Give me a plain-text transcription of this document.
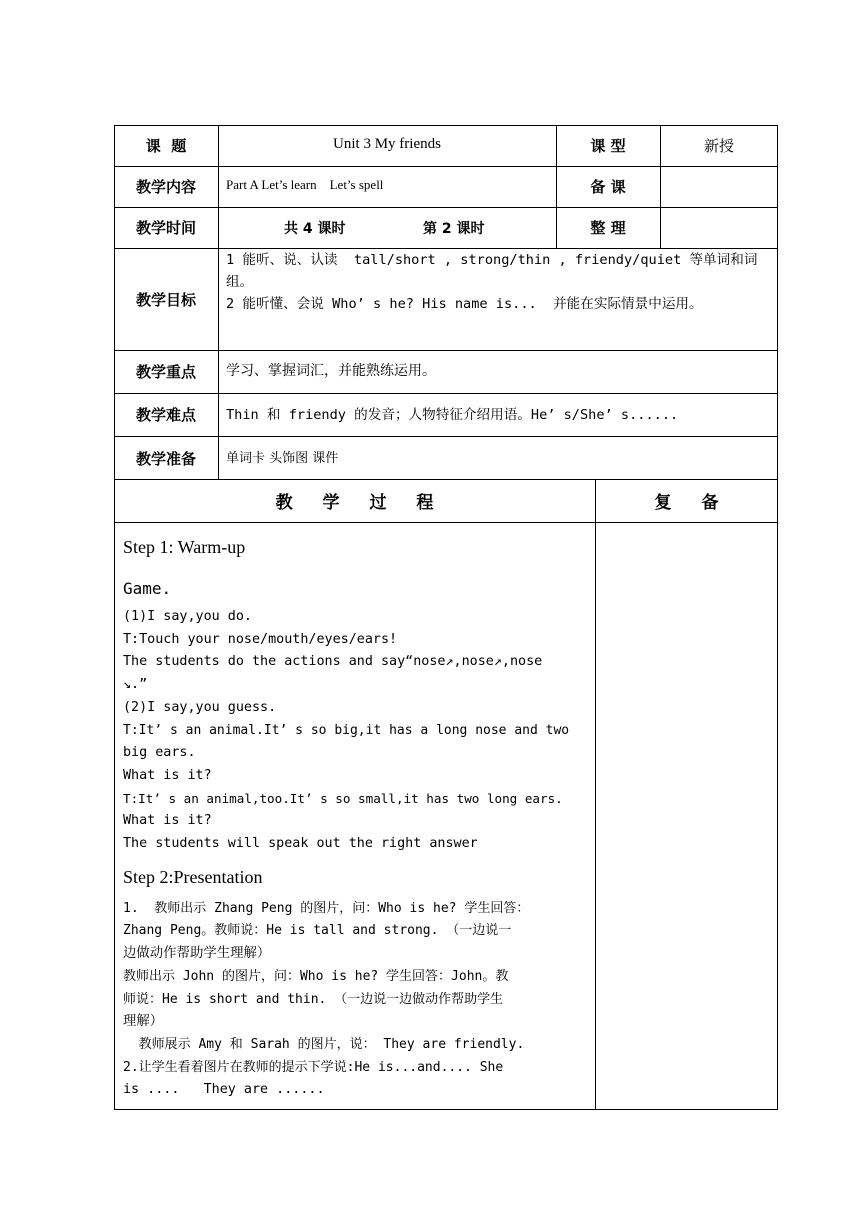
课  题	Unit 3 My friends	课 型	新授
教学内容 Part A Let’s learn    Let’s spell	备 课
教学时间	共 4 课时	第 2 课时	整 理
教学目标
1 能听、说、认读  tall/short , strong/thin , friendy/quiet 等单词和词组。
2 能听懂、会说 Who’ s he? His name is...  并能在实际情景中运用。
教学重点 学习、掌握词汇，并能熟练运用。
教学难点 Thin 和 friendy 的发音；人物特征介绍用语。He’ s/She’ s......
教学准备 单词卡 头饰图 课件
教 学 过 程	复 备
Step 1: Warm-up
Game.
(1)I say,you do.
T:Touch your nose/mouth/eyes/ears!
The students do the actions and say“nose↗,nose↗,nose
↘.”
(2)I say,you guess.
T:It’ s an animal.It’ s so big,it has a long nose and two
big ears.
What is it?
T:It’ s an animal,too.It’ s so small,it has two long ears.
What is it?
The students will speak out the right answer
Step 2:Presentation
1.  教师出示 Zhang Peng 的图片，问：Who is he? 学生回答：
Zhang Peng。教师说：He is tall and strong. （一边说一
边做动作帮助学生理解）
教师出示 John 的图片，问：Who is he? 学生回答：John。教
师说：He is short and thin. （一边说一边做动作帮助学生
理解）
教师展示 Amy 和 Sarah 的图片，说： They are friendly.
2.让学生看着图片在教师的提示下学说:He is...and.... She
is ....   They are ......
